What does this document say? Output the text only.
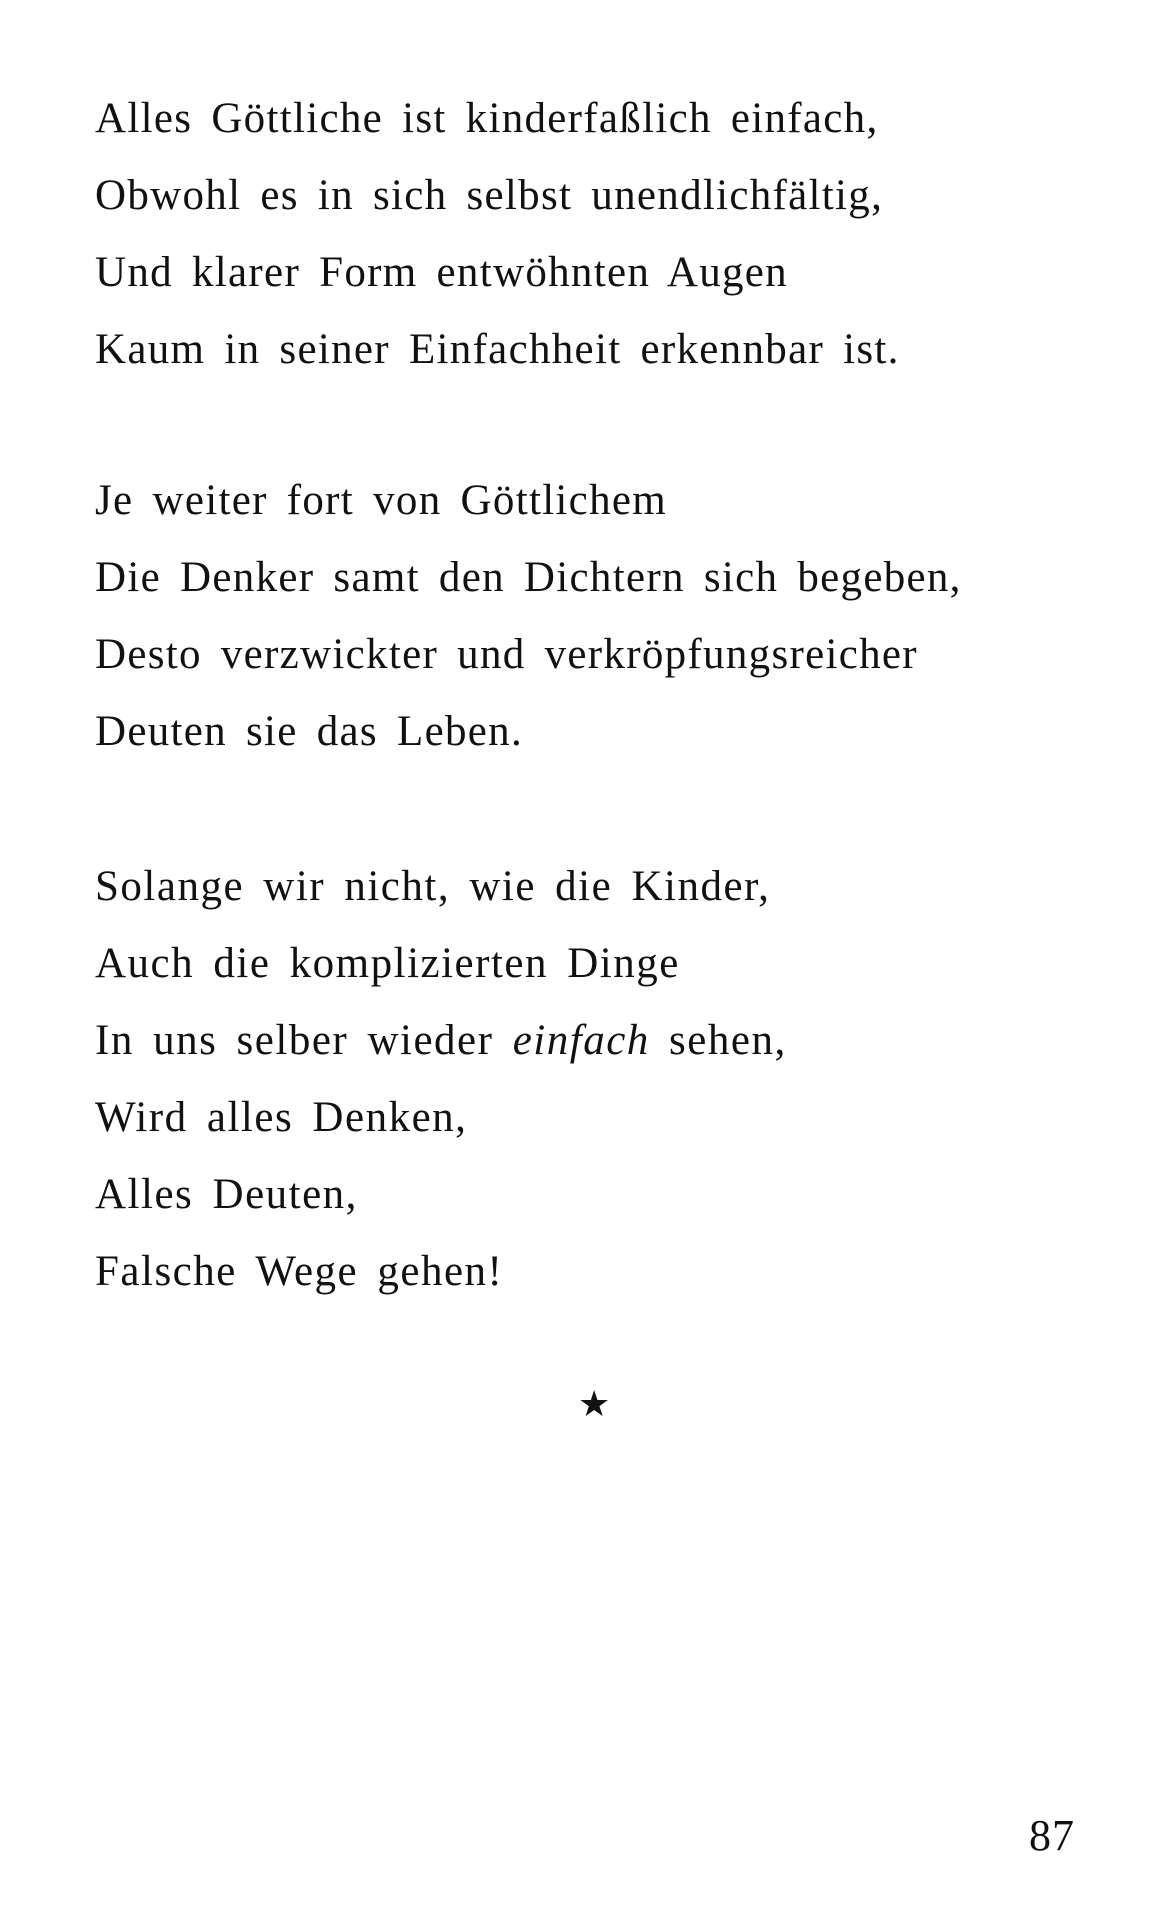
Alles Göttliche ist kinderfaßlich einfach,
Obwohl es in sich selbst unendlichfältig,
Und klarer Form entwöhnten Augen
Kaum in seiner Einfachheit erkennbar ist.
Je weiter fort von Göttlichem
Die Denker samt den Dichtern sich begeben,
Desto verzwickter und verkröpfungsreicher
Deuten sie das Leben.
Solange wir nicht, wie die Kinder,
Auch die komplizierten Dinge
In uns selber wieder einfach sehen,
Wird alles Denken,
Alles Deuten,
Falsche Wege gehen!
★
87
